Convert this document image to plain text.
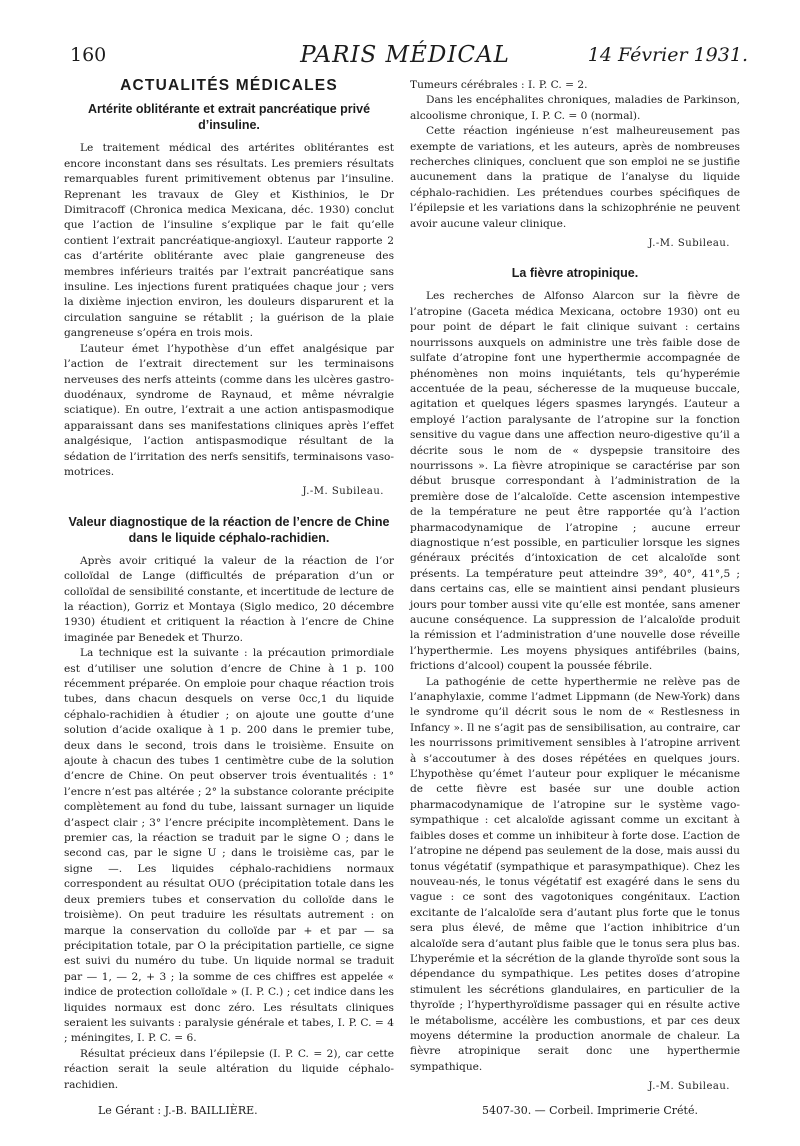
160	PARIS MÉDICAL	14 Février 1931.
ACTUALITÉS MÉDICALES
Artérite oblitérante et extrait pancréatique privé d’insuline.

Le traitement médical des artérites oblitérantes est encore inconstant dans ses résultats. Les premiers résultats remarquables furent primitivement obtenus par l’insuline. Reprenant les travaux de Gley et Kisthinios, le Dr Dimitracoff (Chronica medica Mexicana, déc. 1930) conclut que l’action de l’insuline s’explique par le fait qu’elle contient l’extrait pancréatique-angioxyl. L’auteur rapporte 2 cas d’artérite oblitérante avec plaie gangreneuse des membres inférieurs traités par l’extrait pancréatique sans insuline. Les injections furent pratiquées chaque jour ; vers la dixième injection environ, les douleurs disparurent et la circulation sanguine se rétablit ; la guérison de la plaie gangreneuse s’opéra en trois mois.

L’auteur émet l’hypothèse d’un effet analgésique par l’action de l’extrait directement sur les terminaisons nerveuses des nerfs atteints (comme dans les ulcères gastro-duodénaux, syndrome de Raynaud, et même névralgie sciatique). En outre, l’extrait a une action antispasmodique apparaissant dans ses manifestations cliniques après l’effet analgésique, l’action antispasmodique résultant de la sédation de l’irritation des nerfs sensitifs, terminaisons vaso-motrices.

J.-M. Subileau.
Valeur diagnostique de la réaction de l’encre de Chine dans le liquide céphalo-rachidien.

Après avoir critiqué la valeur de la réaction de l’or colloïdal de Lange (difficultés de préparation d’un or colloïdal de sensibilité constante, et incertitude de lecture de la réaction), Gorriz et Montaya (Siglo medico, 20 décembre 1930) étudient et critiquent la réaction à l’encre de Chine imaginée par Benedek et Thurzo.

La technique est la suivante : la précaution primordiale est d’utiliser une solution d’encre de Chine à 1 p. 100 récemment préparée. On emploie pour chaque réaction trois tubes, dans chacun desquels on verse 0cc,1 du liquide céphalo-rachidien à étudier ; on ajoute une goutte d’une solution d’acide oxalique à 1 p. 200 dans le premier tube, deux dans le second, trois dans le troisième. Ensuite on ajoute à chacun des tubes 1 centimètre cube de la solution d’encre de Chine. On peut observer trois éventualités : 1° l’encre n’est pas altérée ; 2° la substance colorante précipite complètement au fond du tube, laissant surnager un liquide d’aspect clair ; 3° l’encre précipite incomplètement. Dans le premier cas, la réaction se traduit par le signe O ; dans le second cas, par le signe U ; dans le troisième cas, par le signe —. Les liquides céphalo-rachidiens normaux correspondent au résultat OUO (précipitation totale dans les deux premiers tubes et conservation du colloïde dans le troisième). On peut traduire les résultats autrement : on marque la conservation du colloïde par + et par — sa précipitation totale, par O la précipitation partielle, ce signe est suivi du numéro du tube. Un liquide normal se traduit par — 1, — 2, + 3 ; la somme de ces chiffres est appelée « indice de protection colloïdale » (I. P. C.) ; cet indice dans les liquides normaux est donc zéro. Les résultats cliniques seraient les suivants : paralysie générale et tabes, I. P. C. = 4 ; méningites, I. P. C. = 6.

Résultat précieux dans l’épilepsie (I. P. C. = 2), car cette réaction serait la seule altération du liquide céphalo-rachidien.

Tumeurs cérébrales : I. P. C. = 2.

Dans les encéphalites chroniques, maladies de Parkinson, alcoolisme chronique, I. P. C. = 0 (normal).

Cette réaction ingénieuse n’est malheureusement pas exempte de variations, et les auteurs, après de nombreuses recherches cliniques, concluent que son emploi ne se justifie aucunement dans la pratique de l’analyse du liquide céphalo-rachidien. Les prétendues courbes spécifiques de l’épilepsie et les variations dans la schizophrénie ne peuvent avoir aucune valeur clinique.

J.-M. Subileau.
La fièvre atropinique.

Les recherches de Alfonso Alarcon sur la fièvre de l’atropine (Gaceta médica Mexicana, octobre 1930) ont eu pour point de départ le fait clinique suivant : certains nourrissons auxquels on administre une très faible dose de sulfate d’atropine font une hyperthermie accompagnée de phénomènes non moins inquiétants, tels qu’hyperémie accentuée de la peau, sécheresse de la muqueuse buccale, agitation et quelques légers spasmes laryngés. L’auteur a employé l’action paralysante de l’atropine sur la fonction sensitive du vague dans une affection neuro-digestive qu’il a décrite sous le nom de « dyspepsie transitoire des nourrissons ». La fièvre atropinique se caractérise par son début brusque correspondant à l’administration de la première dose de l’alcaloïde. Cette ascension intempestive de la température ne peut être rapportée qu’à l’action pharmacodynamique de l’atropine ; aucune erreur diagnostique n’est possible, en particulier lorsque les signes généraux précités d’intoxication de cet alcaloïde sont présents. La température peut atteindre 39°, 40°, 41°,5 ; dans certains cas, elle se maintient ainsi pendant plusieurs jours pour tomber aussi vite qu’elle est montée, sans amener aucune conséquence. La suppression de l’alcaloïde produit la rémission et l’administration d’une nouvelle dose réveille l’hyperthermie. Les moyens physiques antifébriles (bains, frictions d’alcool) coupent la poussée fébrile.

La pathogénie de cette hyperthermie ne relève pas de l’anaphylaxie, comme l’admet Lippmann (de New-York) dans le syndrome qu’il décrit sous le nom de « Restlesness in Infancy ». Il ne s’agit pas de sensibilisation, au contraire, car les nourrissons primitivement sensibles à l’atropine arrivent à s’accoutumer à des doses répétées en quelques jours. L’hypothèse qu’émet l’auteur pour expliquer le mécanisme de cette fièvre est basée sur une double action pharmacodynamique de l’atropine sur le système vago-sympathique : cet alcaloïde agissant comme un excitant à faibles doses et comme un inhibiteur à forte dose. L’action de l’atropine ne dépend pas seulement de la dose, mais aussi du tonus végétatif (sympathique et parasympathique). Chez les nouveau-nés, le tonus végétatif est exagéré dans le sens du vague : ce sont des vagotoniques congénitaux. L’action excitante de l’alcaloïde sera d’autant plus forte que le tonus sera plus élevé, de même que l’action inhibitrice d’un alcaloïde sera d’autant plus faible que le tonus sera plus bas. L’hyperémie et la sécrétion de la glande thyroïde sont sous la dépendance du sympathique. Les petites doses d’atropine stimulent les sécrétions glandulaires, en particulier de la thyroïde ; l’hyperthyroïdisme passager qui en résulte active le métabolisme, accélère les combustions, et par ces deux moyens détermine la production anormale de chaleur. La fièvre atropinique serait donc une hyperthermie sympathique.

J.-M. Subileau.
Le Gérant : J.-B. BAILLIÈRE.	5407-30. — Corbeil. Imprimerie Crété.
